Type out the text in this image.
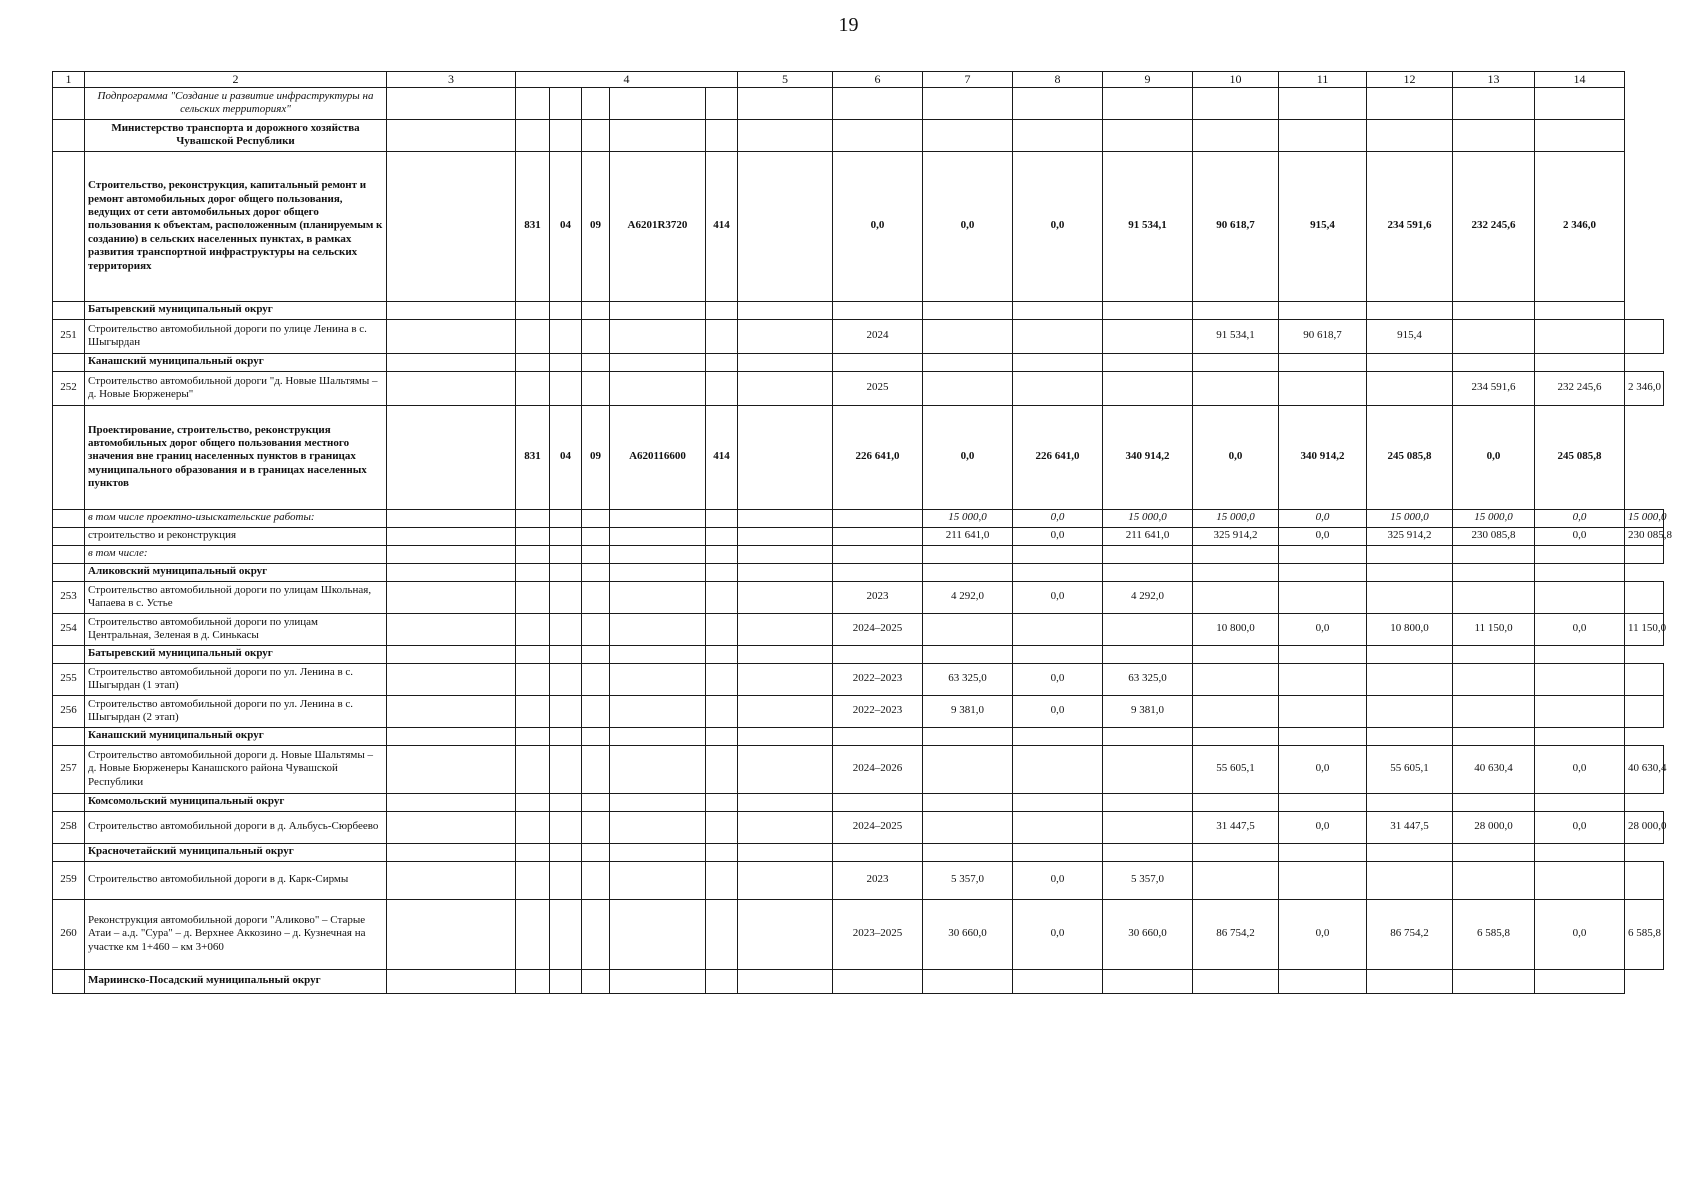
19
1	2	3	4					5	6	7	8	9	10	11	12	13	14	
	Подпрограмма "Создание и развитие инфраструктуры на сельских территориях"																	
	Министерство транспорта и дорожного хозяйства Чувашской Республики																	
	Строительство, реконструкция, капитальный ремонт и ремонт автомобильных дорог общего пользования, ведущих от сети автомобильных дорог общего пользования к объектам, расположенным (планируемым к созданию) в сельских населенных пунктах, в рамках развития транспортной инфраструктуры на сельских территориях		831	04	09	А6201R3720	414		0,0	0,0	0,0	91 534,1	90 618,7	915,4	234 591,6	232 245,6	2 346,0	
	Батыревский муниципальный округ																	
251	Строительство автомобильной дороги по улице Ленина в с. Шыгырдан								2024				91 534,1	90 618,7	915,4			
	Канашский муниципальный округ																	
252	Строительство автомобильной дороги "д. Новые Шальтямы – д. Новые Бюрженеры"								2025							234 591,6	232 245,6	2 346,0
	Проектирование, строительство, реконструкция автомобильных дорог общего пользования местного значения вне границ населенных пунктов в границах муниципального образования и в границах населенных пунктов		831	04	09	А620116600	414		226 641,0	0,0	226 641,0	340 914,2	0,0	340 914,2	245 085,8	0,0	245 085,8	
	в том числе проектно-изыскательские работы:									15 000,0	0,0	15 000,0	15 000,0	0,0	15 000,0	15 000,0	0,0	15 000,0
	строительство и реконструкция									211 641,0	0,0	211 641,0	325 914,2	0,0	325 914,2	230 085,8	0,0	230 085,8
	в том числе:																	
	Аликовский муниципальный округ																	
253	Строительство автомобильной дороги по улицам Школьная, Чапаева в с. Устье								2023	4 292,0	0,0	4 292,0						
254	Строительство автомобильной дороги по улицам Центральная, Зеленая в д. Синькасы								2024–2025				10 800,0	0,0	10 800,0	11 150,0	0,0	11 150,0
	Батыревский муниципальный округ																	
255	Строительство автомобильной дороги по ул. Ленина в с. Шыгырдан (1 этап)								2022–2023	63 325,0	0,0	63 325,0						
256	Строительство автомобильной дороги по ул. Ленина в с. Шыгырдан (2 этап)								2022–2023	9 381,0	0,0	9 381,0						
	Канашский муниципальный округ																	
257	Строительство автомобильной дороги д. Новые Шальтямы – д. Новые Бюрженеры Канашского района Чувашской Республики								2024–2026				55 605,1	0,0	55 605,1	40 630,4	0,0	40 630,4
	Комсомольский муниципальный округ																	
258	Строительство автомобильной дороги в д. Альбусь-Сюрбеево								2024–2025				31 447,5	0,0	31 447,5	28 000,0	0,0	28 000,0
	Красночетайский муниципальный округ																	
259	Строительство автомобильной дороги в д. Карк-Сирмы								2023	5 357,0	0,0	5 357,0						
260	Реконструкция автомобильной дороги "Аликово" – Старые Атаи – а.д. "Сура" – д. Верхнее Аккозино – д. Кузнечная на участке км 1+460 – км 3+060								2023–2025	30 660,0	0,0	30 660,0	86 754,2	0,0	86 754,2	6 585,8	0,0	6 585,8
	Мариинско-Посадский муниципальный округ																	
